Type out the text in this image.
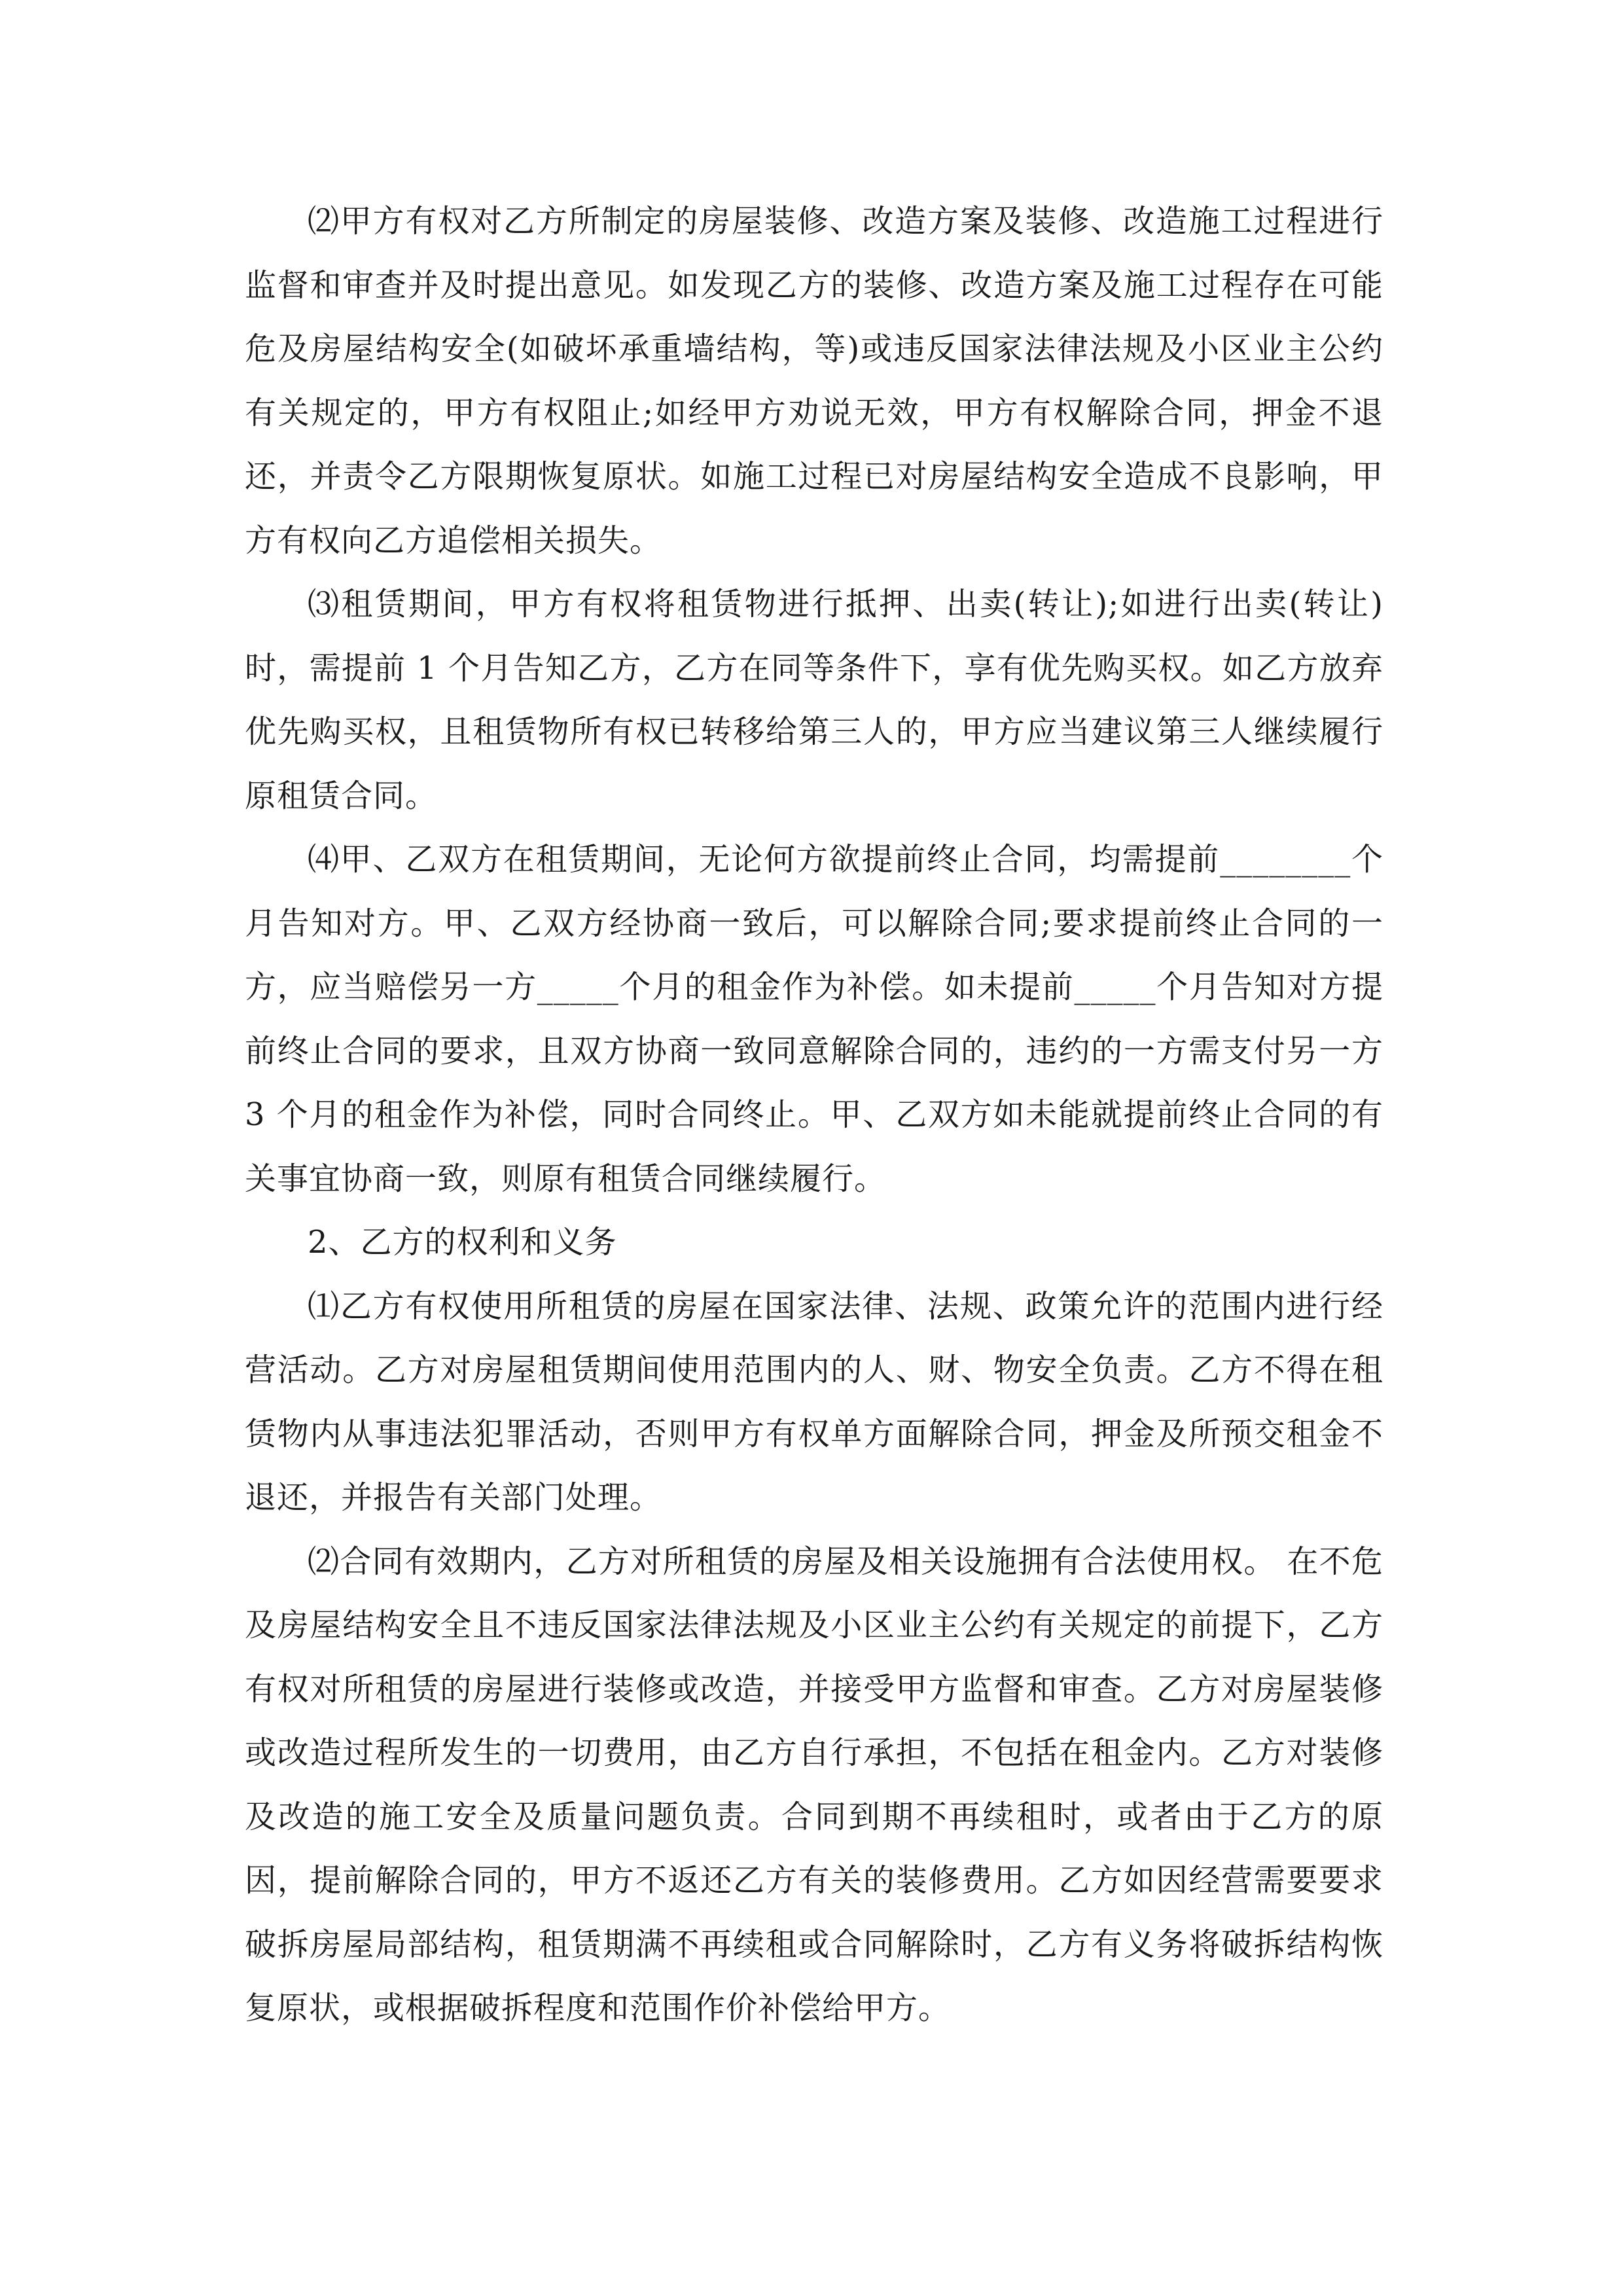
⑵甲方有权对乙方所制定的房屋装修、改造方案及装修、改造施工过程进行监督和审查并及时提出意见。如发现乙方的装修、改造方案及施工过程存在可能危及房屋结构安全(如破坏承重墙结构，等)或违反国家法律法规及小区业主公约有关规定的，甲方有权阻止;如经甲方劝说无效，甲方有权解除合同，押金不退还，并责令乙方限期恢复原状。如施工过程已对房屋结构安全造成不良影响，甲方有权向乙方追偿相关损失。

⑶租赁期间，甲方有权将租赁物进行抵押、出卖(转让);如进行出卖(转让)时，需提前 1 个月告知乙方，乙方在同等条件下，享有优先购买权。如乙方放弃优先购买权，且租赁物所有权已转移给第三人的，甲方应当建议第三人继续履行原租赁合同。

⑷甲、乙双方在租赁期间，无论何方欲提前终止合同，均需提前________个月告知对方。甲、乙双方经协商一致后，可以解除合同;要求提前终止合同的一方，应当赔偿另一方_____个月的租金作为补偿。如未提前_____个月告知对方提前终止合同的要求，且双方协商一致同意解除合同的，违约的一方需支付另一方 3 个月的租金作为补偿，同时合同终止。甲、乙双方如未能就提前终止合同的有关事宜协商一致，则原有租赁合同继续履行。

2、乙方的权利和义务

⑴乙方有权使用所租赁的房屋在国家法律、法规、政策允许的范围内进行经营活动。乙方对房屋租赁期间使用范围内的人、财、物安全负责。乙方不得在租赁物内从事违法犯罪活动，否则甲方有权单方面解除合同，押金及所预交租金不退还，并报告有关部门处理。

⑵合同有效期内，乙方对所租赁的房屋及相关设施拥有合法使用权。 在不危及房屋结构安全且不违反国家法律法规及小区业主公约有关规定的前提下，乙方有权对所租赁的房屋进行装修或改造，并接受甲方监督和审查。乙方对房屋装修或改造过程所发生的一切费用，由乙方自行承担，不包括在租金内。乙方对装修及改造的施工安全及质量问题负责。合同到期不再续租时，或者由于乙方的原因，提前解除合同的，甲方不返还乙方有关的装修费用。乙方如因经营需要要求破拆房屋局部结构，租赁期满不再续租或合同解除时，乙方有义务将破拆结构恢复原状，或根据破拆程度和范围作价补偿给甲方。
